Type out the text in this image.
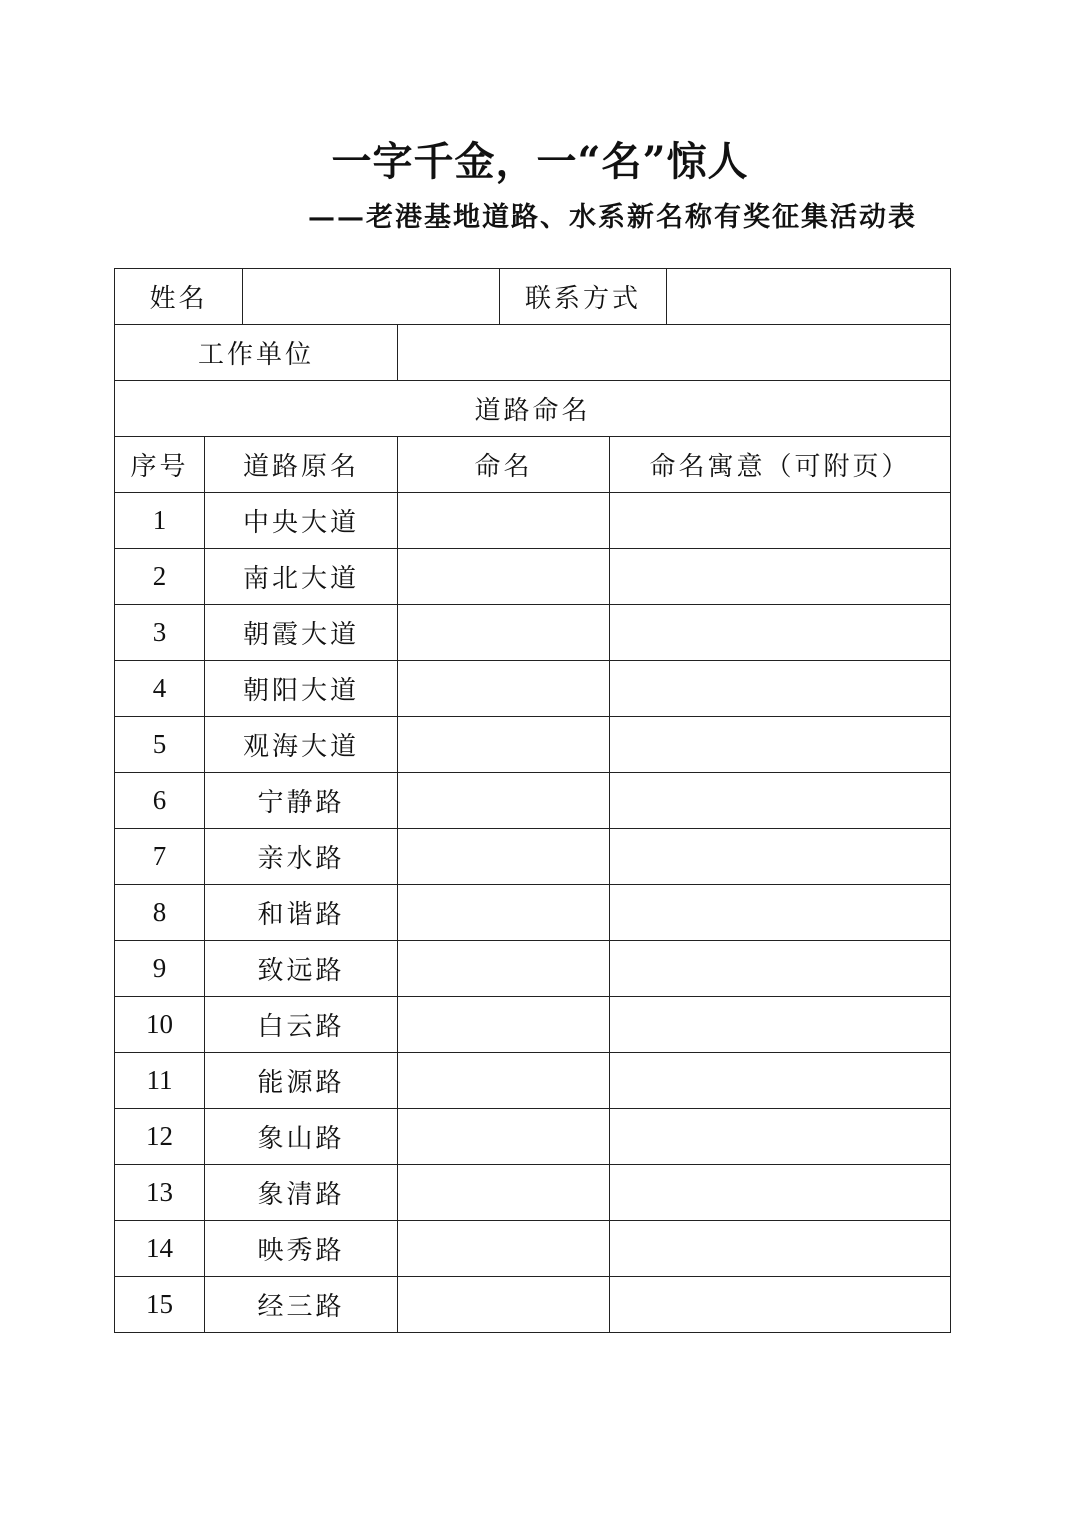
一字千金，一“名”惊人
——老港基地道路、水系新名称有奖征集活动表
姓名				联系方式		
工作单位						
道路命名						
序号	道路原名		命名		命名寓意（可附页）	
1	中央大道					
2	南北大道					
3	朝霞大道					
4	朝阳大道					
5	观海大道					
6	宁静路					
7	亲水路					
8	和谐路					
9	致远路					
10	白云路					
11	能源路					
12	象山路					
13	象清路					
14	映秀路					
15	经三路					
